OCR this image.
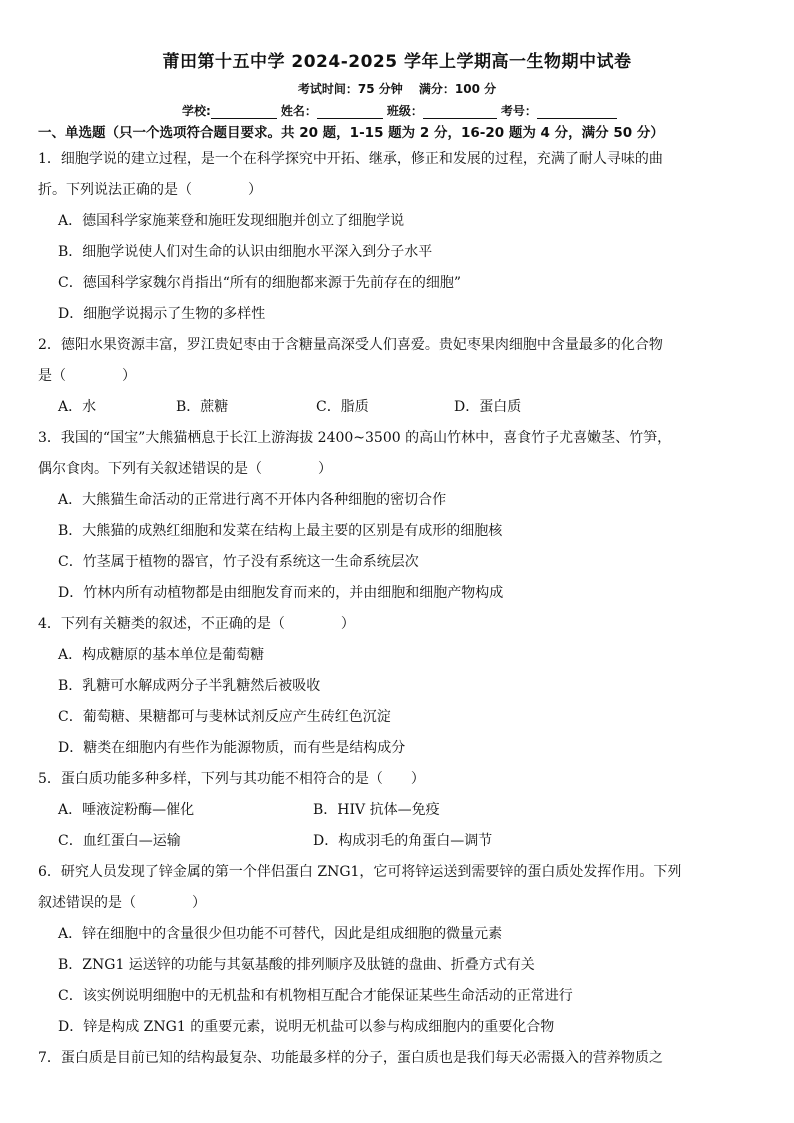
莆田第十五中学 2024-2025 学年上学期高一生物期中试卷
考试时间：75 分钟 满分：100 分
学校:	姓名：	班级：	考号：
一、单选题（只一个选项符合题目要求。共 20 题，1-15 题为 2 分，16-20 题为 4 分，满分 50 分）

1．细胞学说的建立过程，是一个在科学探究中开拓、继承，修正和发展的过程，充满了耐人寻味的曲

折。下列说法正确的是（　　　　）

A．德国科学家施莱登和施旺发现细胞并创立了细胞学说

B．细胞学说使人们对生命的认识由细胞水平深入到分子水平

C．德国科学家魏尔肖指出“所有的细胞都来源于先前存在的细胞”

D．细胞学说揭示了生物的多样性

2．德阳水果资源丰富，罗江贵妃枣由于含糖量高深受人们喜爱。贵妃枣果肉细胞中含量最多的化合物

是（　　　　）

A．水	B．蔗糖	C．脂质	D．蛋白质

3．我国的“国宝”大熊猫栖息于长江上游海拔 2400~3500 的高山竹林中，喜食竹子尤喜嫩茎、竹笋，

偶尔食肉。下列有关叙述错误的是（　　　　）

A．大熊猫生命活动的正常进行离不开体内各种细胞的密切合作

B．大熊猫的成熟红细胞和发菜在结构上最主要的区别是有成形的细胞核

C．竹茎属于植物的器官，竹子没有系统这一生命系统层次

D．竹林内所有动植物都是由细胞发育而来的，并由细胞和细胞产物构成

4．下列有关糖类的叙述，不正确的是（　　　　）

A．构成糖原的基本单位是葡萄糖

B．乳糖可水解成两分子半乳糖然后被吸收

C．葡萄糖、果糖都可与斐林试剂反应产生砖红色沉淀

D．糖类在细胞内有些作为能源物质，而有些是结构成分

5．蛋白质功能多种多样，下列与其功能不相符合的是（　　）

A．唾液淀粉酶—催化	B．HIV 抗体—免疫
C．血红蛋白—运输	D．构成羽毛的角蛋白—调节

6．研究人员发现了锌金属的第一个伴侣蛋白 ZNG1，它可将锌运送到需要锌的蛋白质处发挥作用。下列

叙述错误的是（　　　　）

A．锌在细胞中的含量很少但功能不可替代，因此是组成细胞的微量元素

B．ZNG1 运送锌的功能与其氨基酸的排列顺序及肽链的盘曲、折叠方式有关

C．该实例说明细胞中的无机盐和有机物相互配合才能保证某些生命活动的正常进行

D．锌是构成 ZNG1 的重要元素，说明无机盐可以参与构成细胞内的重要化合物

7．蛋白质是目前已知的结构最复杂、功能最多样的分子，蛋白质也是我们每天必需摄入的营养物质之
